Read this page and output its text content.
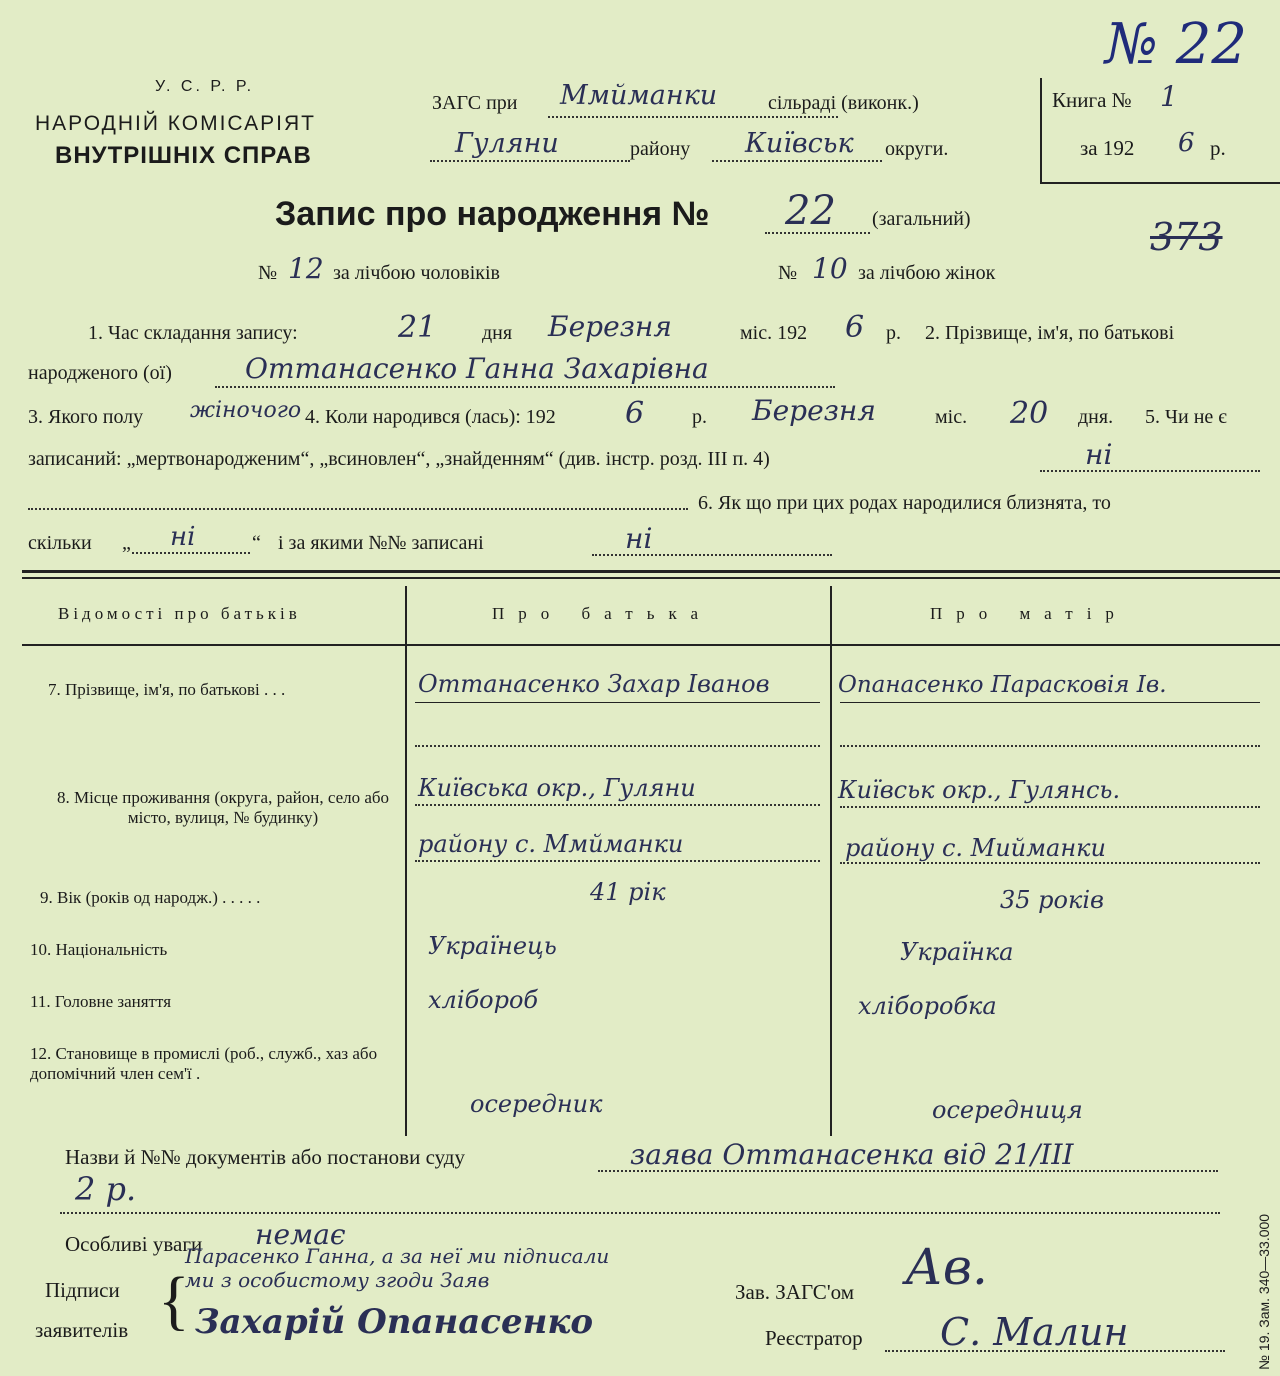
У. С. Р. Р.
НАРОДНІЙ КОМІСАРІЯТ
ВНУТРІШНІХ СПРАВ
ЗАГС при Ммйманки	сільраді (виконк.)
Гуляни	району Київськ округи.
№ 22
Книга № 1
за 192 6 р.
Запис про народження № 22 (загальний)	373
№ 12 за лічбою чоловіків	№ 10 за лічбою жінок
1. Час складання запису:	21 дня Березня	міс. 192 6 р. 2. Прізвище, ім'я, по батькові
народженого (ої)	Оттанасенко Ганна Захарівна
3. Якого полу жіночого 4. Коли народився (лась): 192 6 р. Березня	міс. 20 дня. 5. Чи не є
записаний: „мертвонародженим“, „всиновлен“, „знайденням“ (див. інстр. розд. III п. 4)	ні
6. Як що при цих родах народилися близнята, то
скільки „ ні	“ і за якими №№ записані	ні
Відомості про батьків	Про батька	Про матір
7. Прізвище, ім'я, по батькові . . .	Оттанасенко Захар Іванов	Опанасенко Парасковія Ів.
8. Місце проживання (округа, район, село або місто, вулиця, № будинку)
Київська окр., Гуляни	Київськ окр., Гулянсь.
району с. Ммйманки	району с. Мийманки
9. Вік (років од народж.) . . . . .	41 рік	35 років
10. Національність	Українець	Українка
11. Головне заняття	хлібороб	хліборобка
12. Становище в промислі (роб., служб., хаз або допомічний член сем'ї .
осередник	осередниця
Назви й №№ документів або постанови суду	заява Оттанасенка від 21/III
2 р.
Особливі уваги немає
Підписи
заявителів {
Парасенко Ганна, а за неї ми підписали
ми з особистому згоди Заяв
Захарій Опанасенко
Зав. ЗАГС'ом Ав.
Реєстратор С. Малин	№ 19. Зам. 340—33.000
